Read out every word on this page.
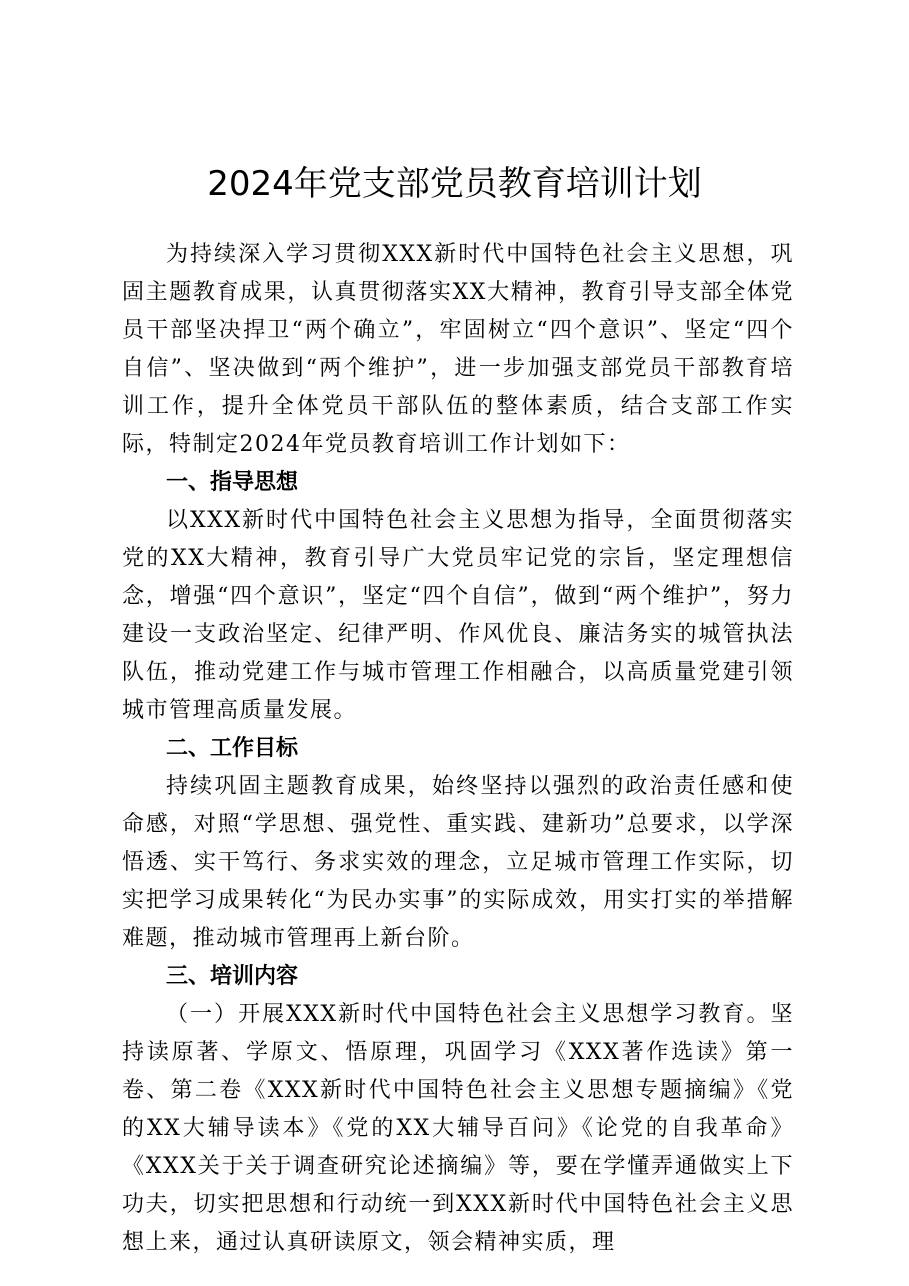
2024年党支部党员教育培训计划

为持续深入学习贯彻XXX新时代中国特色社会主义思想，巩固主题教育成果，认真贯彻落实XX大精神，教育引导支部全体党员干部坚决捍卫“两个确立”，牢固树立“四个意识”、坚定“四个自信”、坚决做到“两个维护”，进一步加强支部党员干部教育培训工作，提升全体党员干部队伍的整体素质，结合支部工作实际，特制定2024年党员教育培训工作计划如下：

一、指导思想

以XXX新时代中国特色社会主义思想为指导，全面贯彻落实党的XX大精神，教育引导广大党员牢记党的宗旨，坚定理想信念，增强“四个意识”，坚定“四个自信”，做到“两个维护”，努力建设一支政治坚定、纪律严明、作风优良、廉洁务实的城管执法队伍，推动党建工作与城市管理工作相融合，以高质量党建引领城市管理高质量发展。

二、工作目标

持续巩固主题教育成果，始终坚持以强烈的政治责任感和使命感，对照“学思想、强党性、重实践、建新功”总要求，以学深悟透、实干笃行、务求实效的理念，立足城市管理工作实际，切实把学习成果转化“为民办实事”的实际成效，用实打实的举措解难题，推动城市管理再上新台阶。

三、培训内容

（一）开展XXX新时代中国特色社会主义思想学习教育。坚持读原著、学原文、悟原理，巩固学习《XXX著作选读》第一卷、第二卷《XXX新时代中国特色社会主义思想专题摘编》《党的XX大辅导读本》《党的XX大辅导百问》《论党的自我革命》《XXX关于关于调查研究论述摘编》等，要在学懂弄通做实上下功夫，切实把思想和行动统一到XXX新时代中国特色社会主义思想上来，通过认真研读原文，领会精神实质，理
